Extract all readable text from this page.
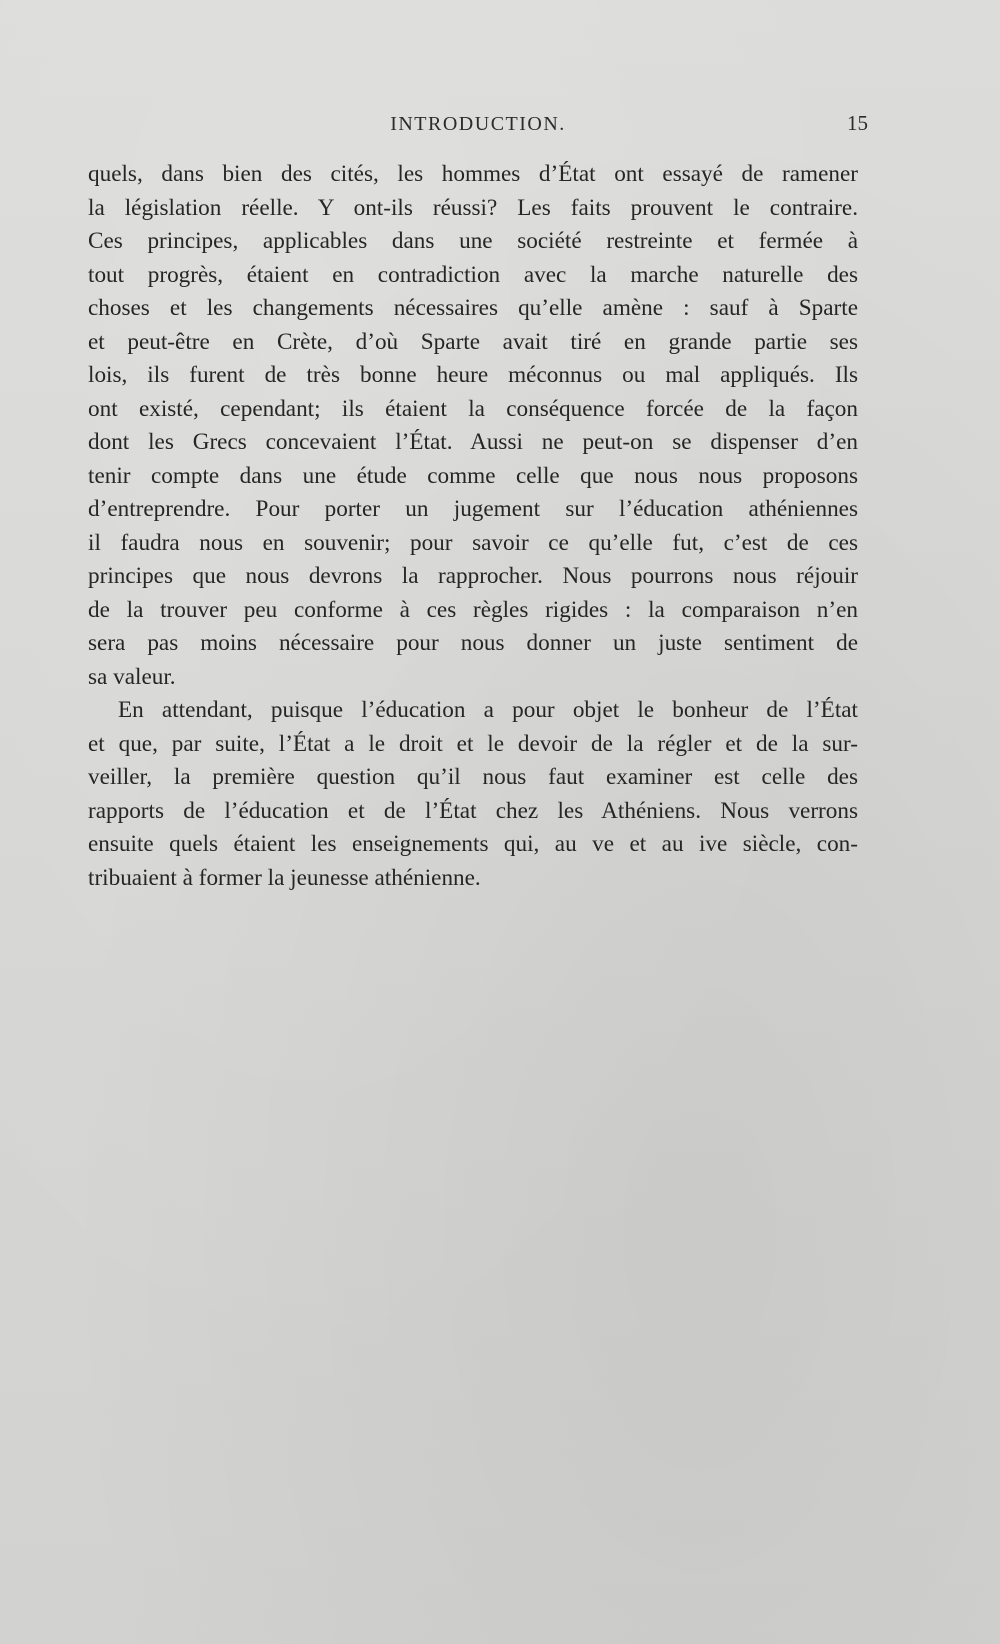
INTRODUCTION.	15
quels, dans bien des cités, les hommes d’État ont essayé de ramener
la législation réelle. Y ont-ils réussi? Les faits prouvent le contraire.
Ces principes, applicables dans une société restreinte et fermée à
tout progrès, étaient en contradiction avec la marche naturelle des
choses et les changements nécessaires qu’elle amène : sauf à Sparte
et peut-être en Crète, d’où Sparte avait tiré en grande partie ses
lois, ils furent de très bonne heure méconnus ou mal appliqués. Ils
ont existé, cependant; ils étaient la conséquence forcée de la façon
dont les Grecs concevaient l’État. Aussi ne peut-on se dispenser d’en
tenir compte dans une étude comme celle que nous nous proposons
d’entreprendre. Pour porter un jugement sur l’éducation athéniennes
il faudra nous en souvenir; pour savoir ce qu’elle fut, c’est de ces
principes que nous devrons la rapprocher. Nous pourrons nous réjouir
de la trouver peu conforme à ces règles rigides : la comparaison n’en
sera pas moins nécessaire pour nous donner un juste sentiment de
sa valeur.
En attendant, puisque l’éducation a pour objet le bonheur de l’État
et que, par suite, l’État a le droit et le devoir de la régler et de la sur-
veiller, la première question qu’il nous faut examiner est celle des
rapports de l’éducation et de l’État chez les Athéniens. Nous verrons
ensuite quels étaient les enseignements qui, au ve et au ive siècle, con-
tribuaient à former la jeunesse athénienne.
